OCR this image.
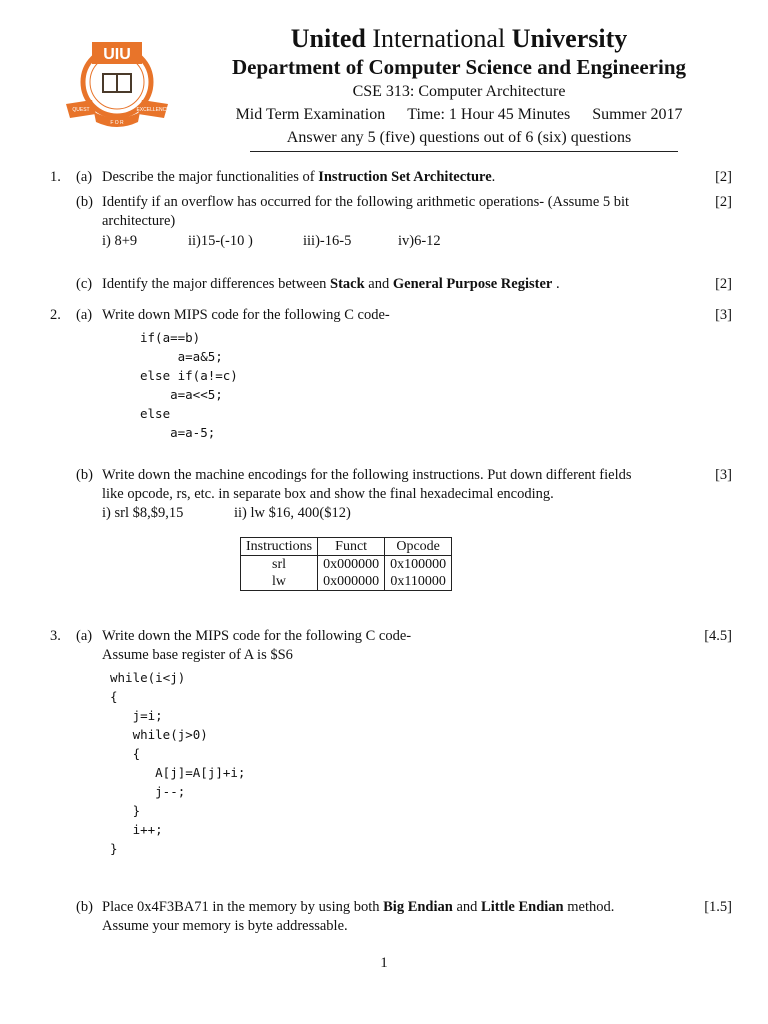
UIU
QUEST	EXCELLENCE
F O R
United International University
Department of Computer Science and Engineering
CSE 313: Computer Architecture
Mid Term Examination Time: 1 Hour 45 Minutes Summer 2017
Answer any 5 (five) questions out of 6 (six) questions
1. (a) Describe the major functionalities of Instruction Set Architecture.	[2]
(b) Identify if an overflow has occurred for the following arithmetic operations- (Assume 5 bit
architecture)
[2]
i) 8+9	ii)15-(-10 )	iii)-16-5	iv)6-12
(c) Identify the major differences between Stack and General Purpose Register .	[2]
2. (a) Write down MIPS code for the following C code-	[3]
if(a==b)
a=a&5;
else if(a!=c)
a=a<<5;
else
a=a-5;
(b) Write down the machine encodings for the following instructions. Put down different fields
like opcode, rs, etc. in separate box and show the final hexadecimal encoding.
[3]
i) srl $8,$9,15	ii) lw $16, 400($12)
Instructions	Funct	Opcode
srl	0x000000	0x100000
lw	0x000000	0x110000
3. (a) Write down the MIPS code for the following C code-
Assume base register of A is $S6
[4.5]
while(i<j)
{
j=i;
while(j>0)
{
A[j]=A[j]+i;
j--;
}
i++;
}
(b) Place 0x4F3BA71 in the memory by using both Big Endian and Little Endian method.
Assume your memory is byte addressable.
[1.5]
1
